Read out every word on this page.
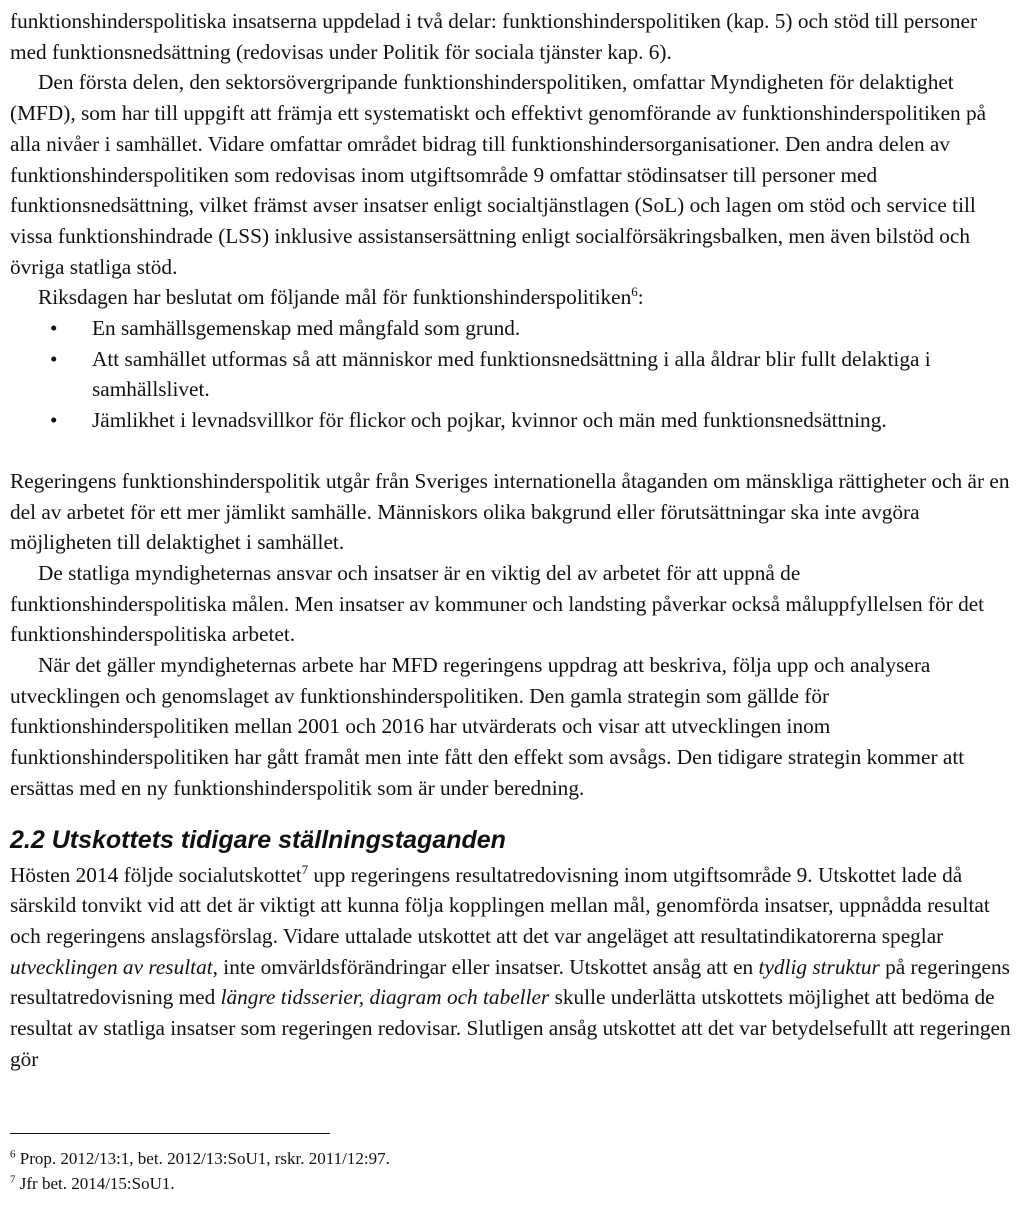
funktionshinderspolitiska insatserna uppdelad i två delar: funktionshinderspolitiken (kap. 5) och stöd till personer med funktionsnedsättning (redovisas under Politik för sociala tjänster kap. 6).

Den första delen, den sektorsövergripande funktionshinderspolitiken, omfattar Myndigheten för delaktighet (MFD), som har till uppgift att främja ett systematiskt och effektivt genomförande av funktionshinderspolitiken på alla nivåer i samhället. Vidare omfattar området bidrag till funktionshindersorganisationer. Den andra delen av funktionshinderspolitiken som redovisas inom utgiftsområde 9 omfattar stödinsatser till personer med funktionsnedsättning, vilket främst avser insatser enligt socialtjänstlagen (SoL) och lagen om stöd och service till vissa funktionshindrade (LSS) inklusive assistansersättning enligt socialförsäkringsbalken, men även bilstöd och övriga statliga stöd.

Riksdagen har beslutat om följande mål för funktionshinderspolitiken$^6$:

• En samhällsgemenskap med mångfald som grund.
• Att samhället utformas så att människor med funktionsnedsättning i alla åldrar blir fullt delaktiga i samhällslivet.
• Jämlikhet i levnadsvillkor för flickor och pojkar, kvinnor och män med funktionsnedsättning.

Regeringens funktionshinderspolitik utgår från Sveriges internationella åtaganden om mänskliga rättigheter och är en del av arbetet för ett mer jämlikt samhälle. Människors olika bakgrund eller förutsättningar ska inte avgöra möjligheten till delaktighet i samhället.

De statliga myndigheternas ansvar och insatser är en viktig del av arbetet för att uppnå de funktionshinderspolitiska målen. Men insatser av kommuner och landsting påverkar också måluppfyllelsen för det funktionshinderspolitiska arbetet.

När det gäller myndigheternas arbete har MFD regeringens uppdrag att beskriva, följa upp och analysera utvecklingen och genomslaget av funktionshinderspolitiken. Den gamla strategin som gällde för funktionshinderspolitiken mellan 2001 och 2016 har utvärderats och visar att utvecklingen inom funktionshinderspolitiken har gått framåt men inte fått den effekt som avsågs. Den tidigare strategin kommer att ersättas med en ny funktionshinderspolitik som är under beredning.

2.2 Utskottets tidigare ställningstaganden

Hösten 2014 följde socialutskottet$^7$ upp regeringens resultatredovisning inom utgiftsområde 9. Utskottet lade då särskild tonvikt vid att det är viktigt att kunna följa kopplingen mellan mål, genomförda insatser, uppnådda resultat och regeringens anslagsförslag. Vidare uttalade utskottet att det var angeläget att resultatindikatorerna speglar utvecklingen av resultat, inte omvärldsförändringar eller insatser. Utskottet ansåg att en tydlig struktur på regeringens resultatredovisning med längre tidsserier, diagram och tabeller skulle underlätta utskottets möjlighet att bedöma de resultat av statliga insatser som regeringen redovisar. Slutligen ansåg utskottet att det var betydelsefullt att regeringen gör

$^6$ Prop. 2012/13:1, bet. 2012/13:SoU1, rskr. 2011/12:97.
$^7$ Jfr bet. 2014/15:SoU1.
